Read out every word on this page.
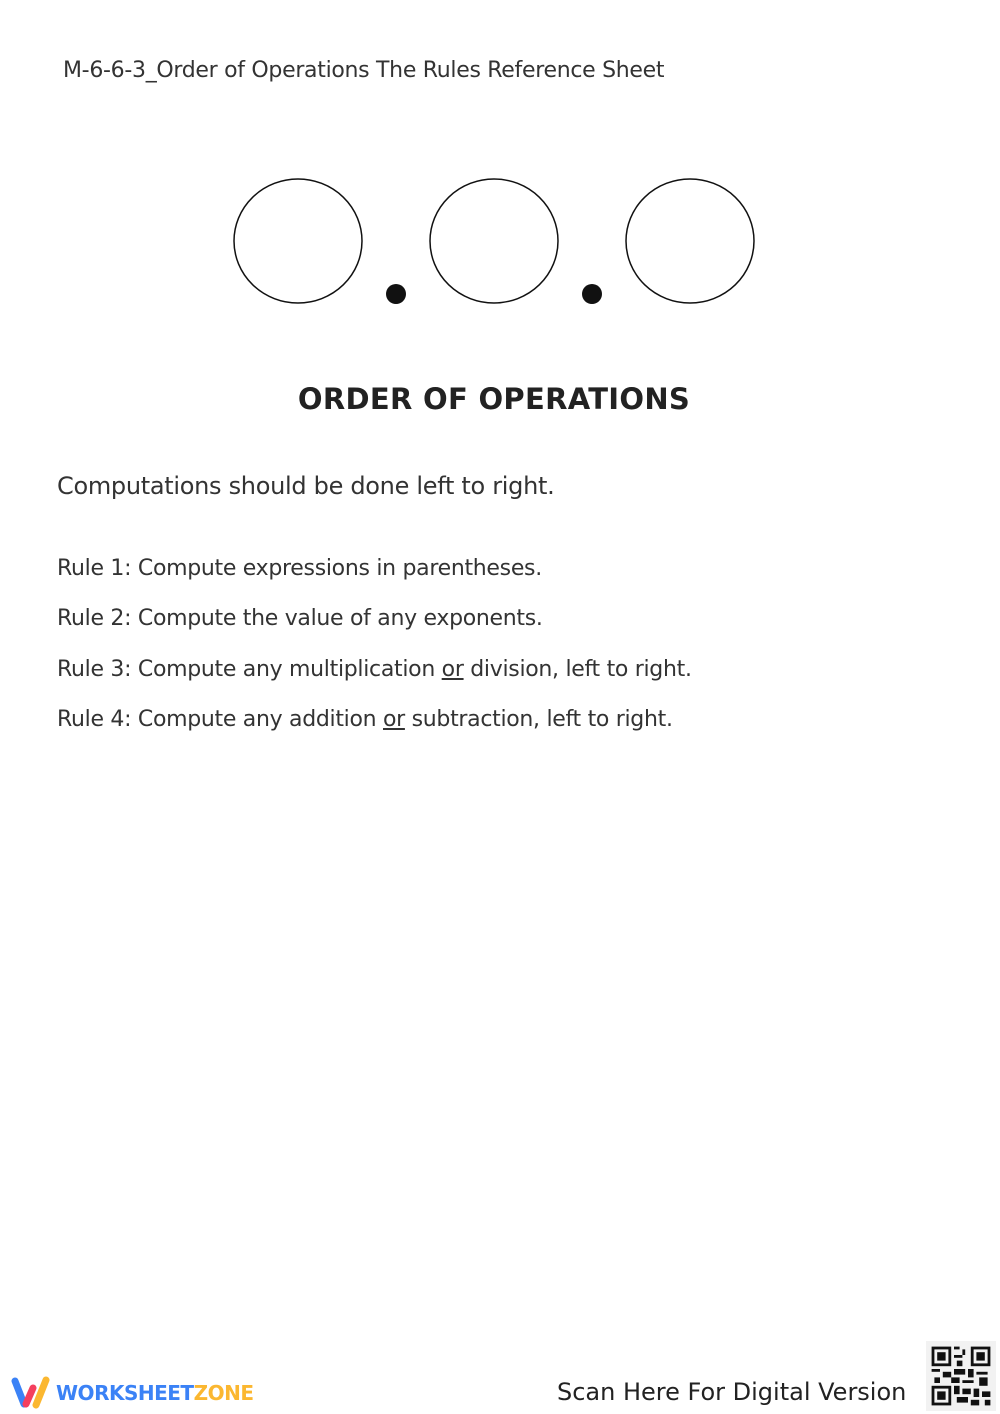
M-6-6-3_Order of Operations The Rules Reference Sheet
ORDER OF OPERATIONS
Computations should be done left to right.
Rule 1: Compute expressions in parentheses.
Rule 2: Compute the value of any exponents.
Rule 3: Compute any multiplication or division, left to right.
Rule 4: Compute any addition or subtraction, left to right.
WORKSHEETZONE	Scan Here For Digital Version
